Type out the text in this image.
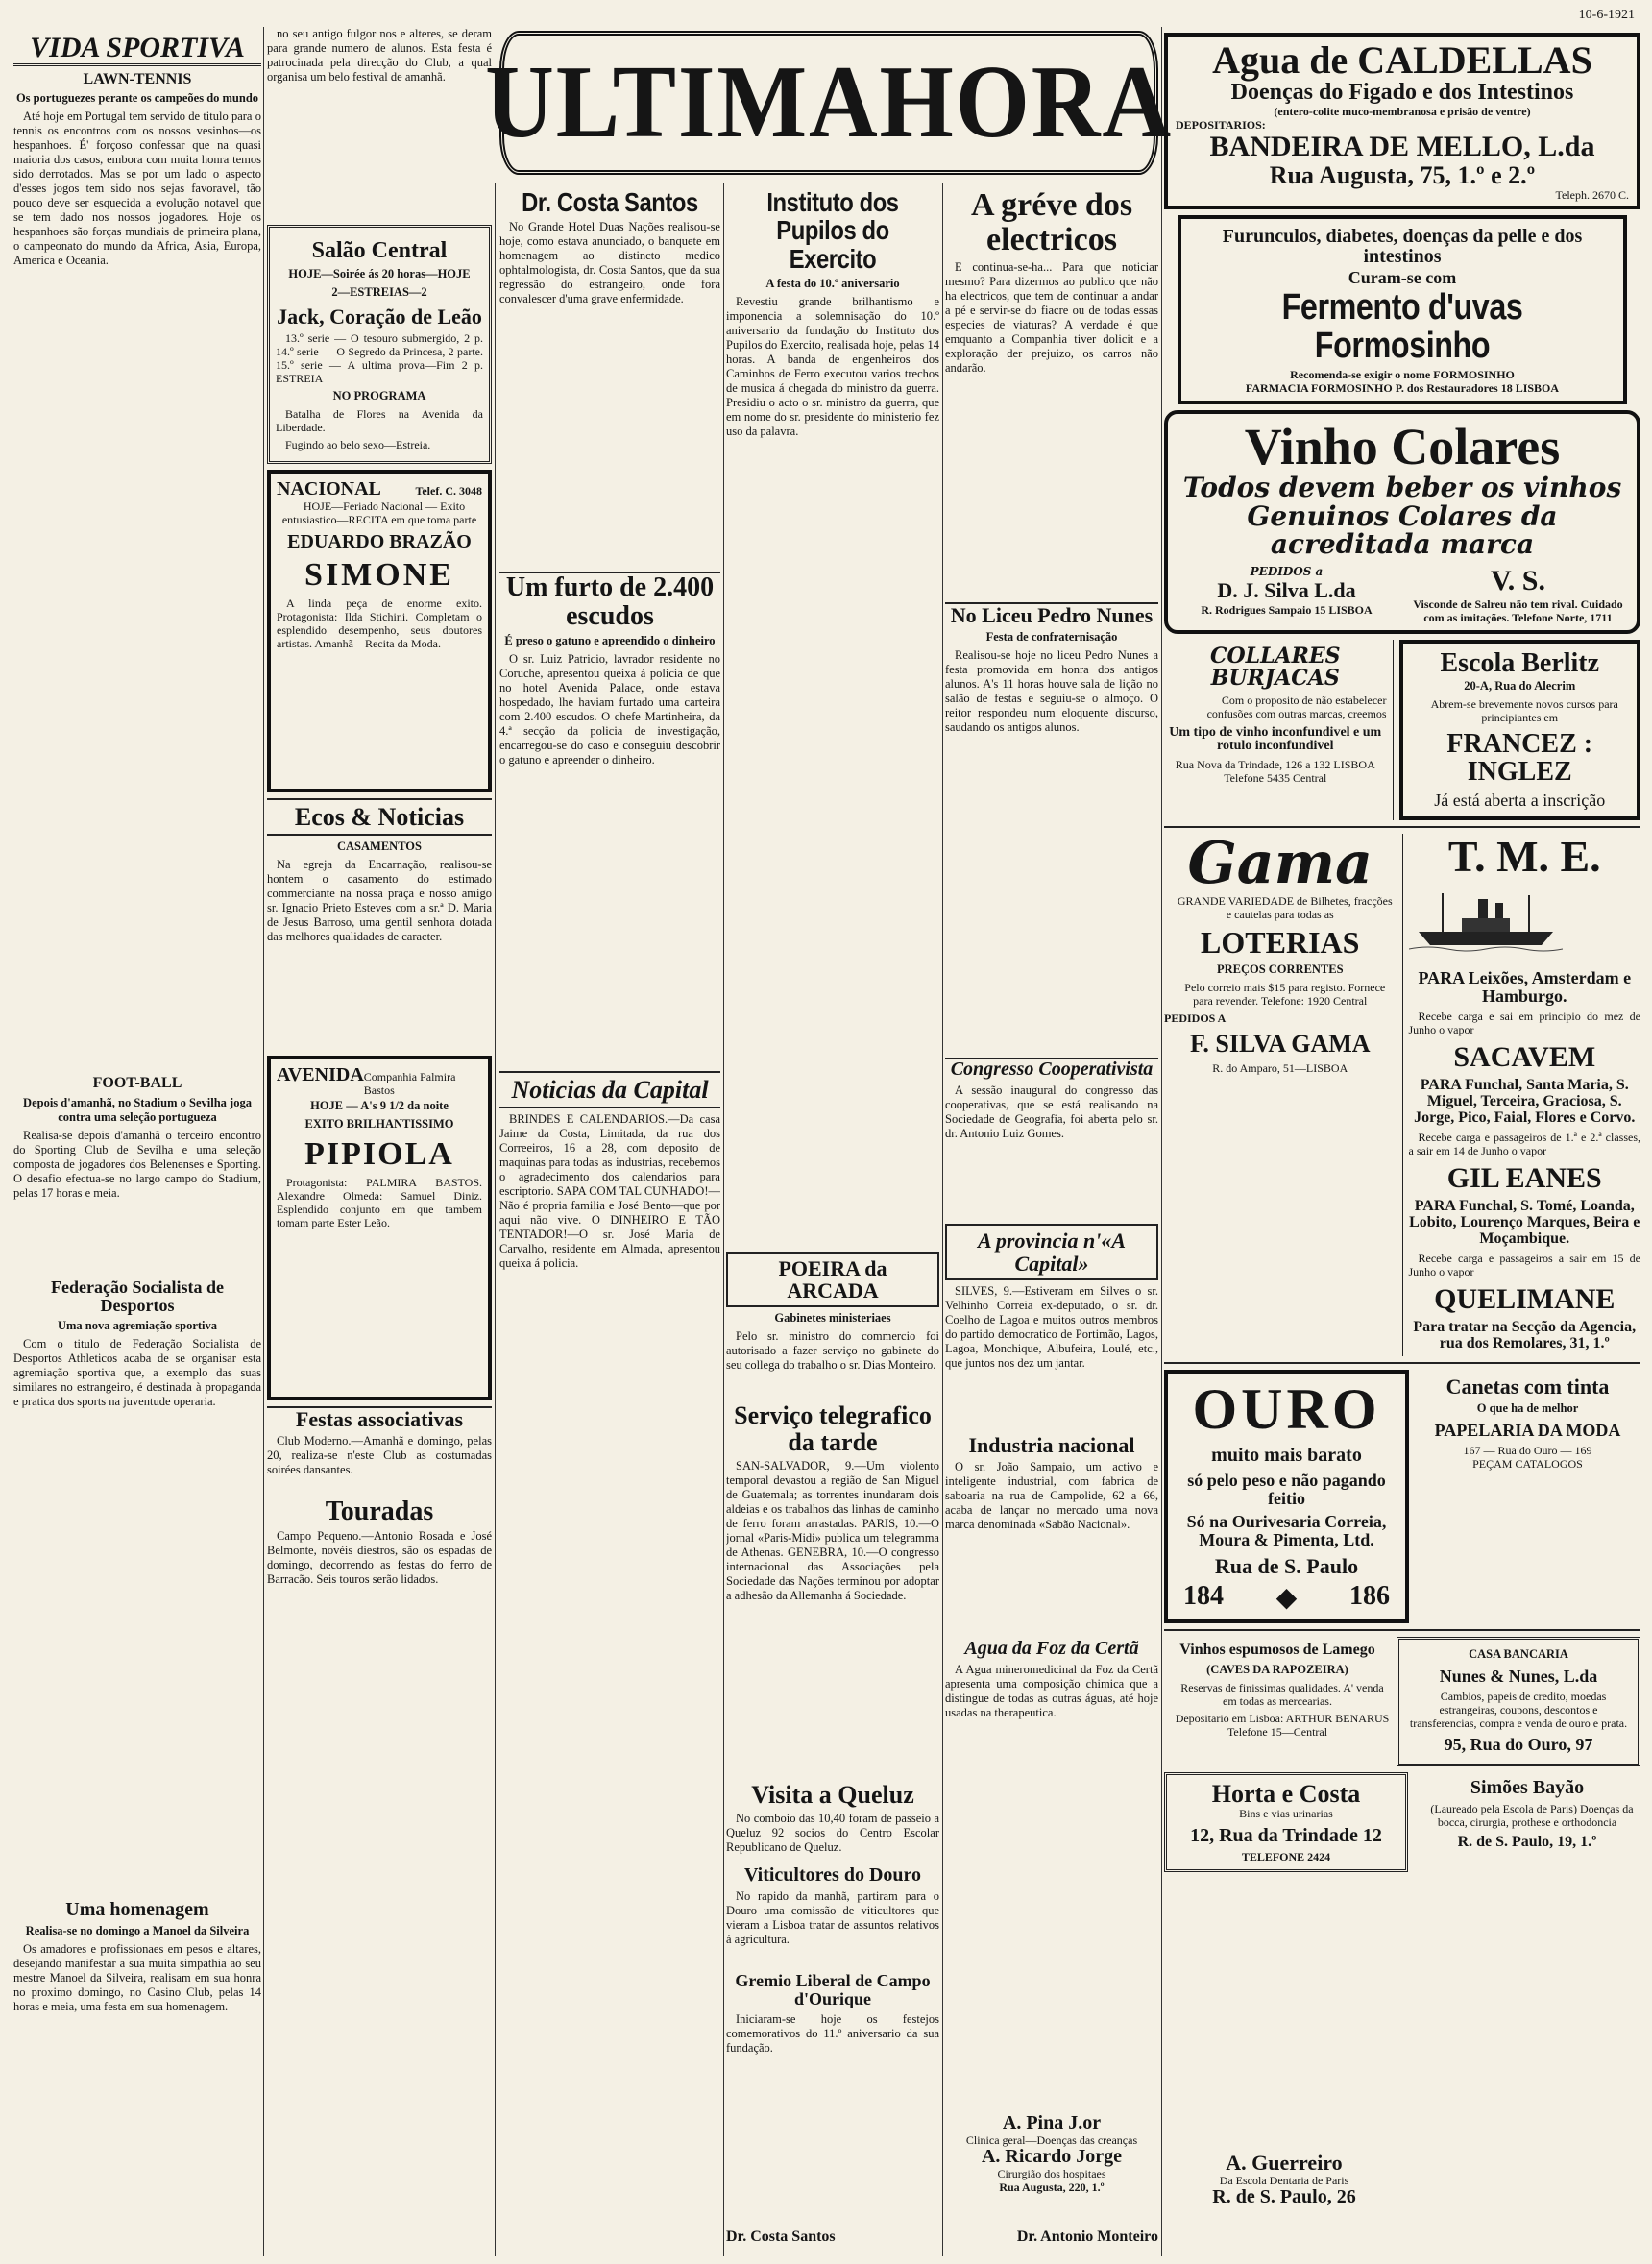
10-6-1921
ULTIMAHORA
VIDA SPORTIVA
LAWN-TENNIS
Os portuguezes perante os campeões do mundo

Até hoje em Portugal tem servido de titulo para o tennis os encontros com os nossos vesinhos—os hespanhoes. É' forçoso confessar que na quasi maioria dos casos, embora com muita honra temos sido derrotados. Mas se por um lado o aspecto d'esses jogos tem sido nos sejas favoravel, tão pouco deve ser esquecida a evolução notavel que se tem dado nos nossos jogadores. Hoje os hespanhoes são forças mundiais de primeira plana, o campeonato do mundo da Africa, Asia, Europa, America e Oceania.

FOOT-BALL
Depois d'amanhã, no Stadium o Sevilha joga contra uma seleção portugueza

Realisa-se depois d'amanhã o terceiro encontro do Sporting Club de Sevilha e uma seleção composta de jogadores dos Belenenses e Sporting. O desafio efectua-se no largo campo do Stadium, pelas 17 horas e meia.

Federação Socialista de Desportos
Uma nova agremiação sportiva

Com o titulo de Federação Socialista de Desportos Athleticos acaba de se organisar esta agremiação sportiva que, a exemplo das suas similares no estrangeiro, é destinada à propaganda e pratica dos sports na juventude operaria.

Uma homenagem
Realisa-se no domingo a Manoel da Silveira

Os amadores e profissionaes em pesos e altares, desejando manifestar a sua muita simpathia ao seu mestre Manoel da Silveira, realisam em sua honra no proximo domingo, no Casino Club, pelas 14 horas e meia, uma festa em sua homenagem.

no seu antigo fulgor nos e alteres, se deram para grande numero de alunos. Esta festa é patrocinada pela direcção do Club, a qual organisa um belo festival de amanhã.

Salão Central
HOJE—Soirée ás 20 horas—HOJE
2—ESTREIAS—2
Jack, Coração de Leão

13.º serie — O tesouro submergido, 2 p. 14.º serie — O Segredo da Princesa, 2 parte. 15.º serie — A ultima prova—Fim 2 p. ESTREIA

NO PROGRAMA

Batalha de Flores na Avenida da Liberdade.

Fugindo ao belo sexo—Estreia.

NACIONAL	Telef. C. 3048

HOJE—Feriado Nacional — Exito entusiastico—RECITA em que toma parte

EDUARDO BRAZÃO
SIMONE

A linda peça de enorme exito. Protagonista: Ilda Stichini. Completam o esplendido desempenho, seus doutores artistas. Amanhã—Recita da Moda.

Ecos & Noticias
CASAMENTOS

Na egreja da Encarnação, realisou-se hontem o casamento do estimado commerciante na nossa praça e nosso amigo sr. Ignacio Prieto Esteves com a sr.ª D. Maria de Jesus Barroso, uma gentil senhora dotada das melhores qualidades de caracter.

AVENIDA Companhia Palmira Bastos
HOJE — A's 9 1/2 da noite
EXITO BRILHANTISSIMO
PIPIOLA

Protagonista: PALMIRA BASTOS. Alexandre Olmeda: Samuel Diniz. Esplendido conjunto em que tambem tomam parte Ester Leão.

Festas associativas

Club Moderno.—Amanhã e domingo, pelas 20, realiza-se n'este Club as costumadas soirées dansantes.

Touradas

Campo Pequeno.—Antonio Rosada e José Belmonte, novéis diestros, são os espadas de domingo, decorrendo as festas do ferro de Barracão. Seis touros serão lidados.

Dr. Costa Santos

No Grande Hotel Duas Nações realisou-se hoje, como estava anunciado, o banquete em homenagem ao distincto medico ophtalmologista, dr. Costa Santos, que da sua regressão do estrangeiro, onde fora convalescer d'uma grave enfermidade.

Um furto de 2.400 escudos
É preso o gatuno e apreendido o dinheiro

O sr. Luiz Patricio, lavrador residente no Coruche, apresentou queixa á policia de que no hotel Avenida Palace, onde estava hospedado, lhe haviam furtado uma carteira com 2.400 escudos. O chefe Martinheira, da 4.ª secção da policia de investigação, encarregou-se do caso e conseguiu descobrir o gatuno e apreender o dinheiro.

Noticias da Capital

BRINDES E CALENDARIOS.—Da casa Jaime da Costa, Limitada, da rua dos Correeiros, 16 a 28, com deposito de maquinas para todas as industrias, recebemos o agradecimento dos calendarios para escriptorio. SAPA COM TAL CUNHADO!—Não é propria familia e José Bento—que por aqui não vive. O DINHEIRO E TÃO TENTADOR!—O sr. José Maria de Carvalho, residente em Almada, apresentou queixa á policia.

Instituto dos Pupilos do Exercito
A festa do 10.º aniversario

Revestiu grande brilhantismo e imponencia a solemnisação do 10.º aniversario da fundação do Instituto dos Pupilos do Exercito, realisada hoje, pelas 14 horas. A banda de engenheiros dos Caminhos de Ferro executou varios trechos de musica á chegada do ministro da guerra. Presidiu o acto o sr. ministro da guerra, que em nome do sr. presidente do ministerio fez uso da palavra.

POEIRA da ARCADA
Gabinetes ministeriaes

Pelo sr. ministro do commercio foi autorisado a fazer serviço no gabinete do seu collega do trabalho o sr. Dias Monteiro.

Serviço telegrafico da tarde

SAN-SALVADOR, 9.—Um violento temporal devastou a região de San Miguel de Guatemala; as torrentes inundaram dois aldeias e os trabalhos das linhas de caminho de ferro foram arrastadas. PARIS, 10.—O jornal «Paris-Midi» publica um telegramma de Athenas. GENEBRA, 10.—O congresso internacional das Associações pela Sociedade das Nações terminou por adoptar a adhesão da Allemanha á Sociedade.

Visita a Queluz

No comboio das 10,40 foram de passeio a Queluz 92 socios do Centro Escolar Republicano de Queluz.

Viticultores do Douro

No rapido da manhã, partiram para o Douro uma comissão de viticultores que vieram a Lisboa tratar de assuntos relativos á agricultura.

Gremio Liberal de Campo d'Ourique

Iniciaram-se hoje os festejos comemorativos do 11.º aniversario da sua fundação.

A gréve dos electricos

E continua-se-ha... Para que noticiar mesmo? Para dizermos ao publico que não ha electricos, que tem de continuar a andar a pé e servir-se do fiacre ou de todas essas especies de viaturas? A verdade é que emquanto a Companhia tiver dolicit e a exploração der prejuizo, os carros não andarão.

No Liceu Pedro Nunes
Festa de confraternisação

Realisou-se hoje no liceu Pedro Nunes a festa promovida em honra dos antigos alunos. A's 11 horas houve sala de lição no salão de festas e seguiu-se o almoço. O reitor respondeu num eloquente discurso, saudando os antigos alunos.

Congresso Cooperativista

A sessão inaugural do congresso das cooperativas, que se está realisando na Sociedade de Geografia, foi aberta pelo sr. dr. Antonio Luiz Gomes.

A provincia n'«A Capital»

SILVES, 9.—Estiveram em Silves o sr. Velhinho Correia ex-deputado, o sr. dr. Coelho de Lagoa e muitos outros membros do partido democratico de Portimão, Lagos, Lagoa, Monchique, Albufeira, Loulé, etc., que juntos nos dez um jantar.

Industria nacional

O sr. João Sampaio, um activo e inteligente industrial, com fabrica de saboaria na rua de Campolide, 62 a 66, acaba de lançar no mercado uma nova marca denominada «Sabão Nacional».

Agua da Foz da Certã

A Agua mineromedicinal da Foz da Certã apresenta uma composição chimica que a distingue de todas as outras águas, até hoje usadas na therapeutica.

Agua de CALDELLAS
Doenças do Figado e dos Intestinos
(entero-colite muco-membranosa e prisão de ventre)
DEPOSITARIOS:
BANDEIRA DE MELLO, L.da
Rua Augusta, 75, 1.º e 2.º
Teleph. 2670 C.
Furunculos, diabetes, doenças da pelle e dos intestinos
Curam-se com
Fermento d'uvas Formosinho
Recomenda-se exigir o nome FORMOSINHO
FARMACIA FORMOSINHO P. dos Restauradores 18 LISBOA
Vinho Colares
Todos devem beber os vinhos Genuinos Colares da acreditada marca
PEDIDOS a
D. J. Silva L.da
R. Rodrigues Sampaio 15 LISBOA
V. S.
Visconde de Salreu não tem rival. Cuidado com as imitações. Telefone Norte, 1711
COLLARES BURJACAS

Com o proposito de não estabelecer confusões com outras marcas, creemos

Um tipo de vinho inconfundivel e um rotulo inconfundivel
Rua Nova da Trindade, 126 a 132 LISBOA Telefone 5435 Central
Escola Berlitz
20-A, Rua do Alecrim

Abrem-se brevemente novos cursos para principiantes em

FRANCEZ : INGLEZ
Já está aberta a inscrição
Gama

GRANDE VARIEDADE de Bilhetes, fracções e cautelas para todas as

LOTERIAS
PREÇOS CORRENTES

Pelo correio mais $15 para registo. Fornece para revender. Telefone: 1920 Central

PEDIDOS A
F. SILVA GAMA
R. do Amparo, 51—LISBOA
T. M. E.
PARA Leixões, Amsterdam e Hamburgo.

Recebe carga e sai em principio do mez de Junho o vapor

SACAVEM
PARA Funchal, Santa Maria, S. Miguel, Terceira, Graciosa, S. Jorge, Pico, Faial, Flores e Corvo.

Recebe carga e passageiros de 1.ª e 2.ª classes, a sair em 14 de Junho o vapor

GIL EANES
PARA Funchal, S. Tomé, Loanda, Lobito, Lourenço Marques, Beira e Moçambique.

Recebe carga e passageiros a sair em 15 de Junho o vapor

QUELIMANE
Para tratar na Secção da Agencia, rua dos Remolares, 31, 1.º
OURO
muito mais barato
só pelo peso e não pagando feitio
Só na Ourivesaria Correia, Moura & Pimenta, Ltd.
Rua de S. Paulo
184 ◆ 186
Canetas com tinta
O que ha de melhor
PAPELARIA DA MODA
167 — Rua do Ouro — 169
PEÇAM CATALOGOS
Vinhos espumosos de Lamego
(CAVES DA RAPOZEIRA)

Reservas de finissimas qualidades. A' venda em todas as mercearias.

Depositario em Lisboa: ARTHUR BENARUS Telefone 15—Central

CASA BANCARIA
Nunes & Nunes, L.da

Cambios, papeis de credito, moedas estrangeiras, coupons, descontos e transferencias, compra e venda de ouro e prata.

95, Rua do Ouro, 97
Horta e Costa
Bins e vias urinarias
12, Rua da Trindade 12
TELEFONE 2424
Simões Bayão

(Laureado pela Escola de Paris) Doenças da bocca, cirurgia, prothese e orthodoncia

R. de S. Paulo, 19, 1.º
A. Pina J.or
Clinica geral—Doenças das creanças
A. Ricardo Jorge
Cirurgião dos hospitaes
Rua Augusta, 220, 1.º
Dr. Costa Santos	Dr. Antonio Monteiro
A. Guerreiro
Da Escola Dentaria de Paris
R. de S. Paulo, 26
